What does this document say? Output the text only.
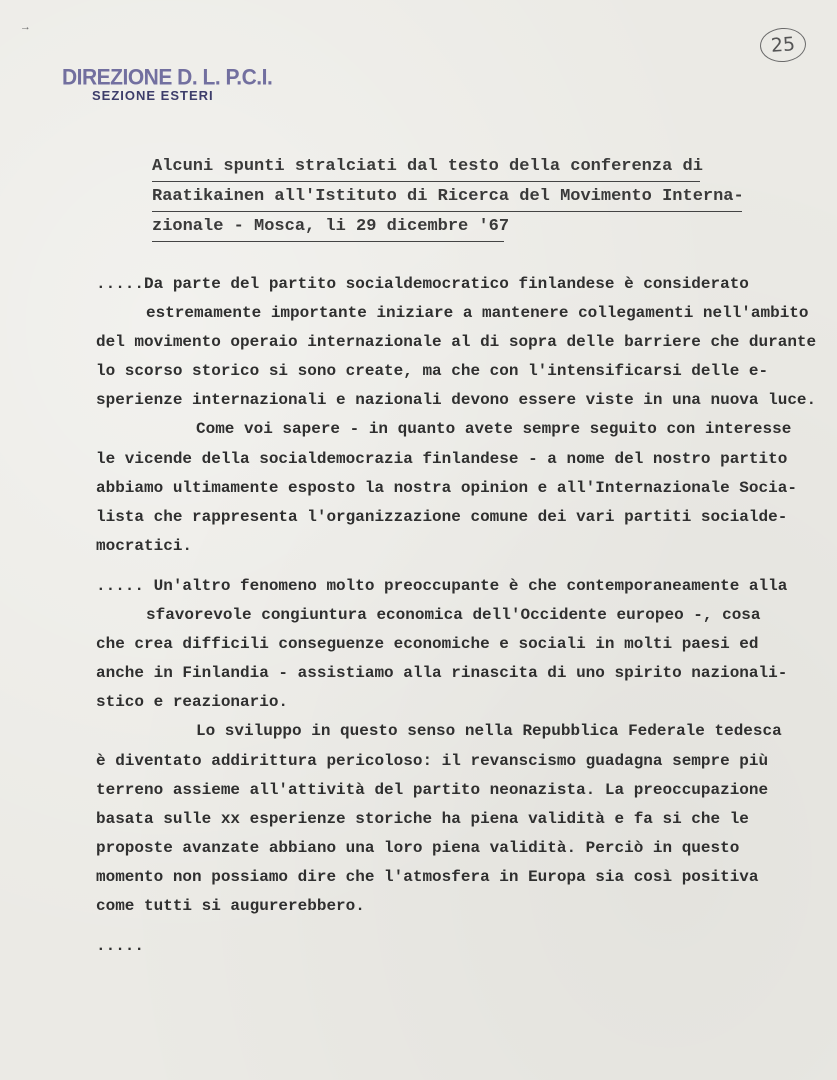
→
25
DIREZIONE D. L. P.C.I.
SEZIONE ESTERI
Alcuni spunti stralciati dal testo della conferenza di
Raatikainen all'Istituto di Ricerca del Movimento Interna-
zionale - Mosca, li 29 dicembre '67
.....Da parte del partito socialdemocratico finlandese è considerato
estremamente importante iniziare a mantenere collegamenti nell'ambito
del movimento operaio internazionale al di sopra delle barriere che durante
lo scorso storico si sono create, ma che con l'intensificarsi delle e-
sperienze internazionali e nazionali devono essere viste in una nuova luce.
Come voi sapere - in quanto avete sempre seguito con interesse
le vicende della socialdemocrazia finlandese - a nome del nostro partito
abbiamo ultimamente esposto la nostra opinion e all'Internazionale Socia-
lista che rappresenta l'organizzazione comune dei vari partiti socialde-
mocratici.
..... Un'altro fenomeno molto preoccupante è che contemporaneamente alla
sfavorevole congiuntura economica dell'Occidente europeo -, cosa
che crea difficili conseguenze economiche e sociali in molti paesi ed
anche in Finlandia - assistiamo alla rinascita di uno spirito nazionali-
stico e reazionario.
Lo sviluppo in questo senso nella Repubblica Federale tedesca
è diventato addirittura pericoloso: il revanscismo guadagna sempre più
terreno assieme all'attività del partito neonazista. La preoccupazione
basata sulle xx esperienze storiche ha piena validità e fa si che le
proposte avanzate abbiano una loro piena validità. Perciò in questo
momento non possiamo dire che l'atmosfera in Europa sia così positiva
come tutti si augurerebbero.
.....
